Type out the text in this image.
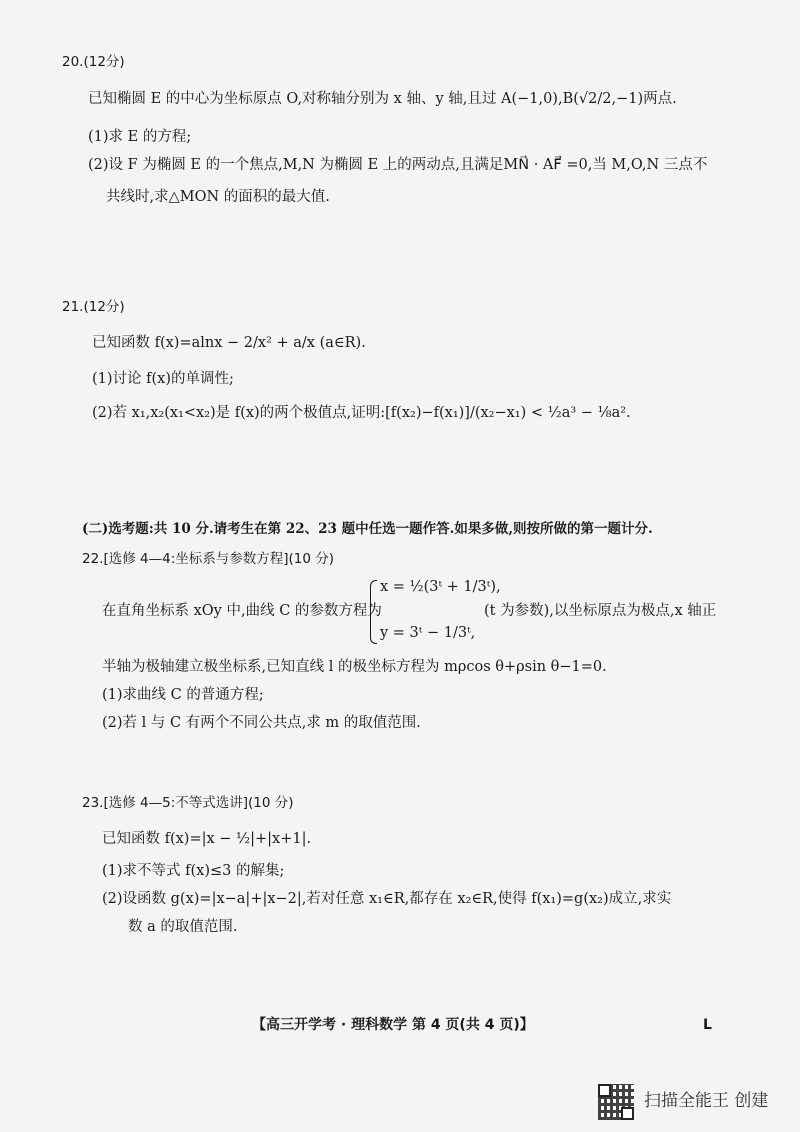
20.(12分)
已知椭圆 E 的中心为坐标原点 O,对称轴分别为 x 轴、y 轴,且过 A(−1,0),B(√2/2,−1)两点.
(1)求 E 的方程;
(2)设 F 为椭圆 E 的一个焦点,M,N 为椭圆 E 上的两动点,且满足MN⃗ · AF⃗ =0,当 M,O,N 三点不
共线时,求△MON 的面积的最大值.
21.(12分)
已知函数 f(x)=alnx − 2/x² + a/x (a∈R).
(1)讨论 f(x)的单调性;
(2)若 x₁,x₂(x₁<x₂)是 f(x)的两个极值点,证明:[f(x₂)−f(x₁)]/(x₂−x₁) < ½a³ − ⅛a².
(二)选考题:共 10 分.请考生在第 22、23 题中任选一题作答.如果多做,则按所做的第一题计分.
22.[选修 4—4:坐标系与参数方程](10 分)
在直角坐标系 xOy 中,曲线 C 的参数方程为
x = ½(3ᵗ + 1/3ᵗ),
y = 3ᵗ − 1/3ᵗ,
(t 为参数),以坐标原点为极点,x 轴正
半轴为极轴建立极坐标系,已知直线 l 的极坐标方程为 mρcos θ+ρsin θ−1=0.
(1)求曲线 C 的普通方程;
(2)若 l 与 C 有两个不同公共点,求 m 的取值范围.
23.[选修 4—5:不等式选讲](10 分)
已知函数 f(x)=|x − ½|+|x+1|.
(1)求不等式 f(x)≤3 的解集;
(2)设函数 g(x)=|x−a|+|x−2|,若对任意 x₁∈R,都存在 x₂∈R,使得 f(x₁)=g(x₂)成立,求实
数 a 的取值范围.
【高三开学考 · 理科数学 第 4 页(共 4 页)】	L
扫描全能王 创建
